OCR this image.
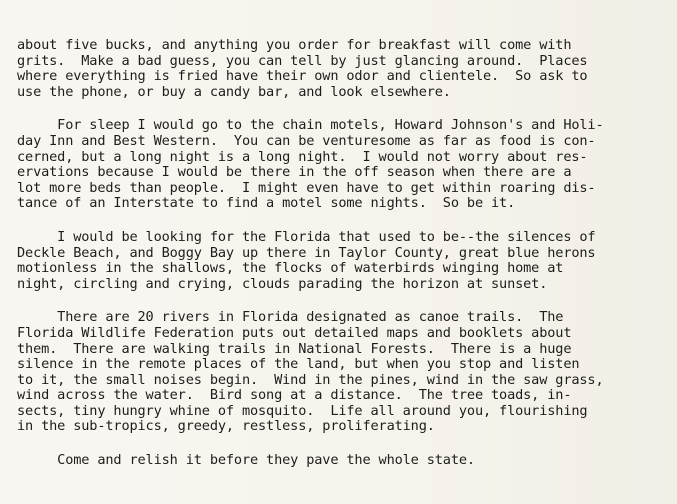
about five bucks, and anything you order for breakfast will come with
grits.  Make a bad guess, you can tell by just glancing around.  Places
where everything is fried have their own odor and clientele.  So ask to
use the phone, or buy a candy bar, and look elsewhere.
For sleep I would go to the chain motels, Howard Johnson's and Holi-
day Inn and Best Western.  You can be venturesome as far as food is con-
cerned, but a long night is a long night.  I would not worry about res-
ervations because I would be there in the off season when there are a
lot more beds than people.  I might even have to get within roaring dis-
tance of an Interstate to find a motel some nights.  So be it.
I would be looking for the Florida that used to be--the silences of
Deckle Beach, and Boggy Bay up there in Taylor County, great blue herons
motionless in the shallows, the flocks of waterbirds winging home at
night, circling and crying, clouds parading the horizon at sunset.
There are 20 rivers in Florida designated as canoe trails.  The
Florida Wildlife Federation puts out detailed maps and booklets about
them.  There are walking trails in National Forests.  There is a huge
silence in the remote places of the land, but when you stop and listen
to it, the small noises begin.  Wind in the pines, wind in the saw grass,
wind across the water.  Bird song at a distance.  The tree toads, in-
sects, tiny hungry whine of mosquito.  Life all around you, flourishing
in the sub-tropics, greedy, restless, proliferating.
Come and relish it before they pave the whole state.
